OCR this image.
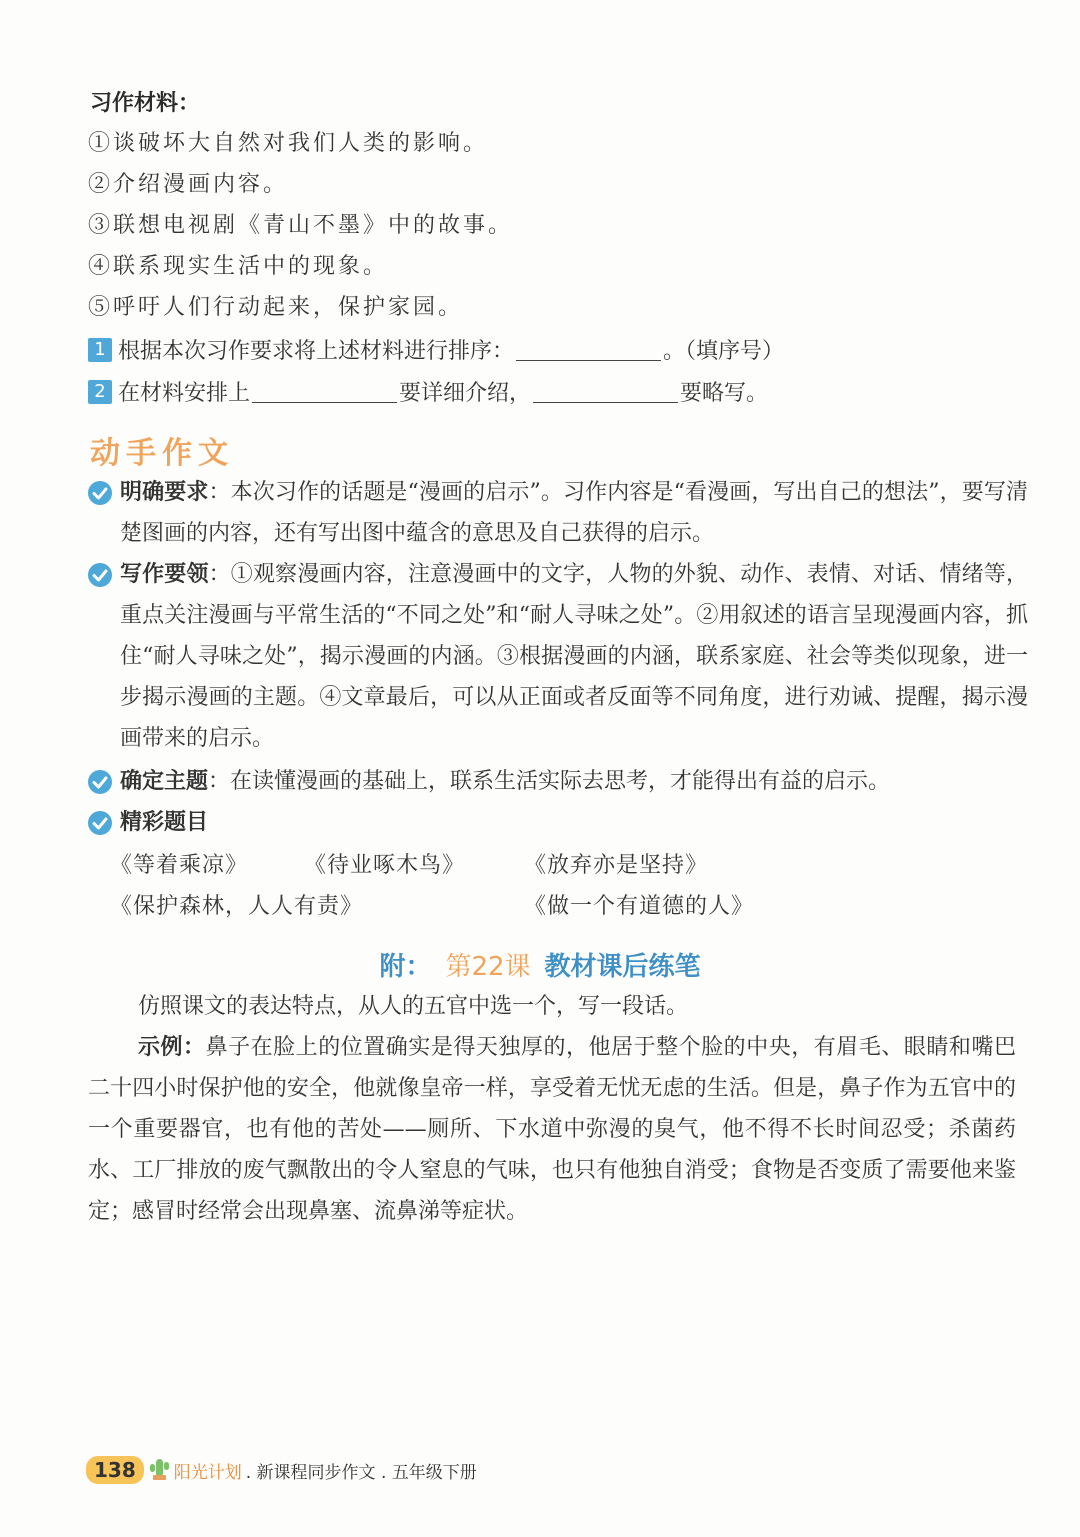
习作材料：
①谈破坏大自然对我们人类的影响。
②介绍漫画内容。
③联想电视剧《青山不墨》中的故事。
④联系现实生活中的现象。
⑤呼吁人们行动起来，保护家园。
1 根据本次习作要求将上述材料进行排序：	。（填序号）
2 在材料安排上	要详细介绍，	要略写。
动手作文
明确要求：本次习作的话题是“漫画的启示”。习作内容是“看漫画，写出自己的想法”，要写清楚图画的内容，还有写出图中蕴含的意思及自己获得的启示。
写作要领：①观察漫画内容，注意漫画中的文字，人物的外貌、动作、表情、对话、情绪等，重点关注漫画与平常生活的“不同之处”和“耐人寻味之处”。②用叙述的语言呈现漫画内容，抓住“耐人寻味之处”，揭示漫画的内涵。③根据漫画的内涵，联系家庭、社会等类似现象，进一步揭示漫画的主题。④文章最后，可以从正面或者反面等不同角度，进行劝诫、提醒，揭示漫画带来的启示。
确定主题：在读懂漫画的基础上，联系生活实际去思考，才能得出有益的启示。
精彩题目
《等着乘凉》	《待业啄木鸟》	《放弃亦是坚持》
《保护森林，人人有责》	《做一个有道德的人》
附： 第22课 教材课后练笔
仿照课文的表达特点，从人的五官中选一个，写一段话。
示例：鼻子在脸上的位置确实是得天独厚的，他居于整个脸的中央，有眉毛、眼睛和嘴巴二十四小时保护他的安全，他就像皇帝一样，享受着无忧无虑的生活。但是，鼻子作为五官中的一个重要器官，也有他的苦处——厕所、下水道中弥漫的臭气，他不得不长时间忍受；杀菌药水、工厂排放的废气飘散出的令人窒息的气味，也只有他独自消受；食物是否变质了需要他来鉴定；感冒时经常会出现鼻塞、流鼻涕等症状。
138	阳光计划 . 新课程同步作文 . 五年级下册
